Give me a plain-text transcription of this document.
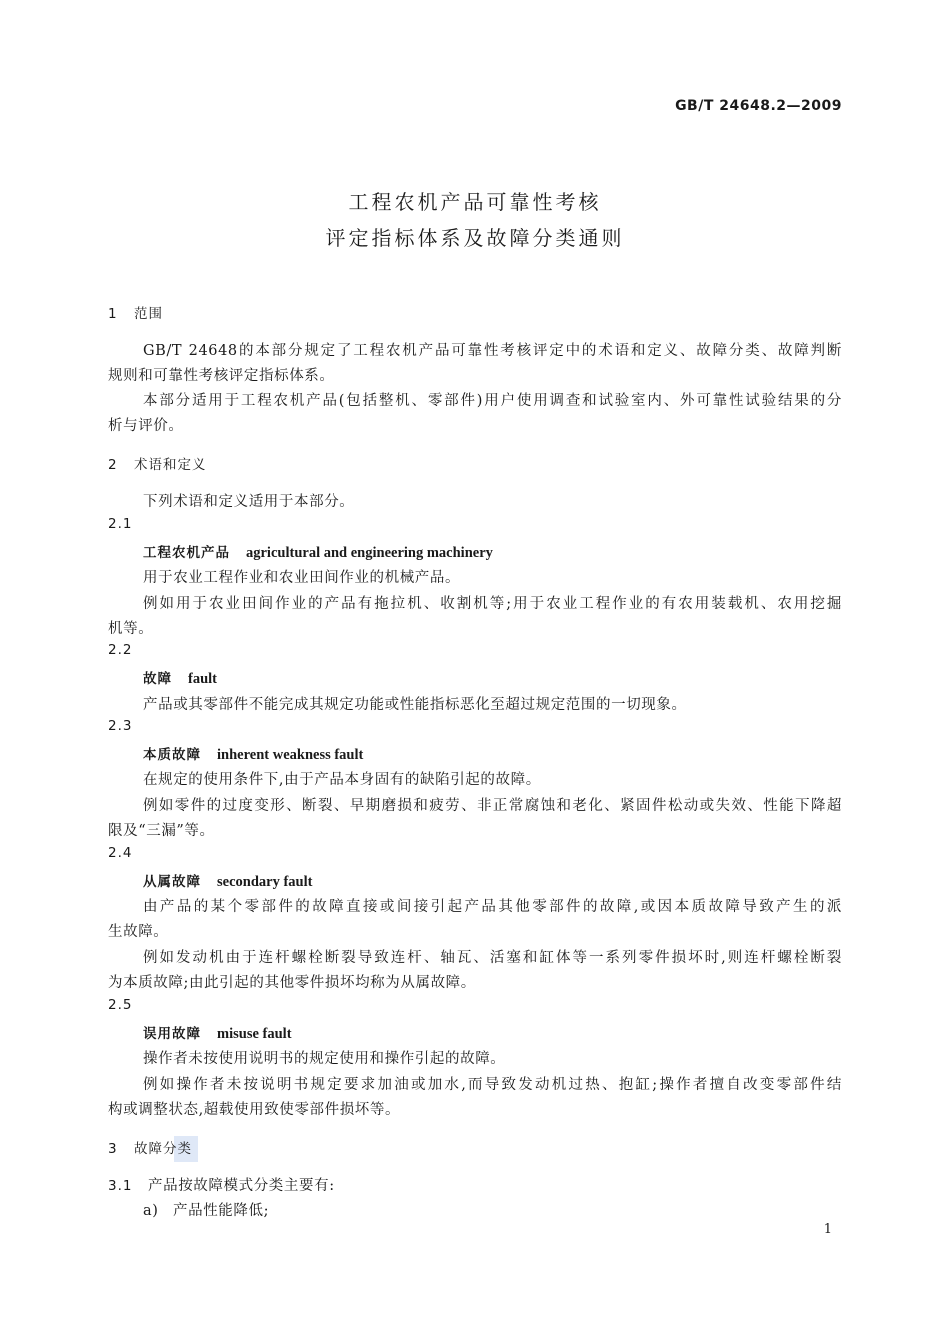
GB/T 24648.2—2009
工程农机产品可靠性考核
评定指标体系及故障分类通则
1 范围
GB/T 24648的本部分规定了工程农机产品可靠性考核评定中的术语和定义、故障分类、故障判断
规则和可靠性考核评定指标体系。
本部分适用于工程农机产品(包括整机、零部件)用户使用调查和试验室内、外可靠性试验结果的分
析与评价。
2 术语和定义
下列术语和定义适用于本部分。
2.1
工程农机产品 agricultural and engineering machinery
用于农业工程作业和农业田间作业的机械产品。
例如用于农业田间作业的产品有拖拉机、收割机等;用于农业工程作业的有农用装载机、农用挖掘
机等。
2.2
故障 fault
产品或其零部件不能完成其规定功能或性能指标恶化至超过规定范围的一切现象。
2.3
本质故障 inherent weakness fault
在规定的使用条件下,由于产品本身固有的缺陷引起的故障。
例如零件的过度变形、断裂、早期磨损和疲劳、非正常腐蚀和老化、紧固件松动或失效、性能下降超
限及“三漏”等。
2.4
从属故障 secondary fault
由产品的某个零部件的故障直接或间接引起产品其他零部件的故障,或因本质故障导致产生的派
生故障。
例如发动机由于连杆螺栓断裂导致连杆、轴瓦、活塞和缸体等一系列零件损坏时,则连杆螺栓断裂
为本质故障;由此引起的其他零件损坏均称为从属故障。
2.5
误用故障 misuse fault
操作者未按使用说明书的规定使用和操作引起的故障。
例如操作者未按说明书规定要求加油或加水,而导致发动机过热、抱缸;操作者擅自改变零部件结
构或调整状态,超载使用致使零部件损坏等。
3 故障分类
3.1 产品按故障模式分类主要有:
a) 产品性能降低;
1
